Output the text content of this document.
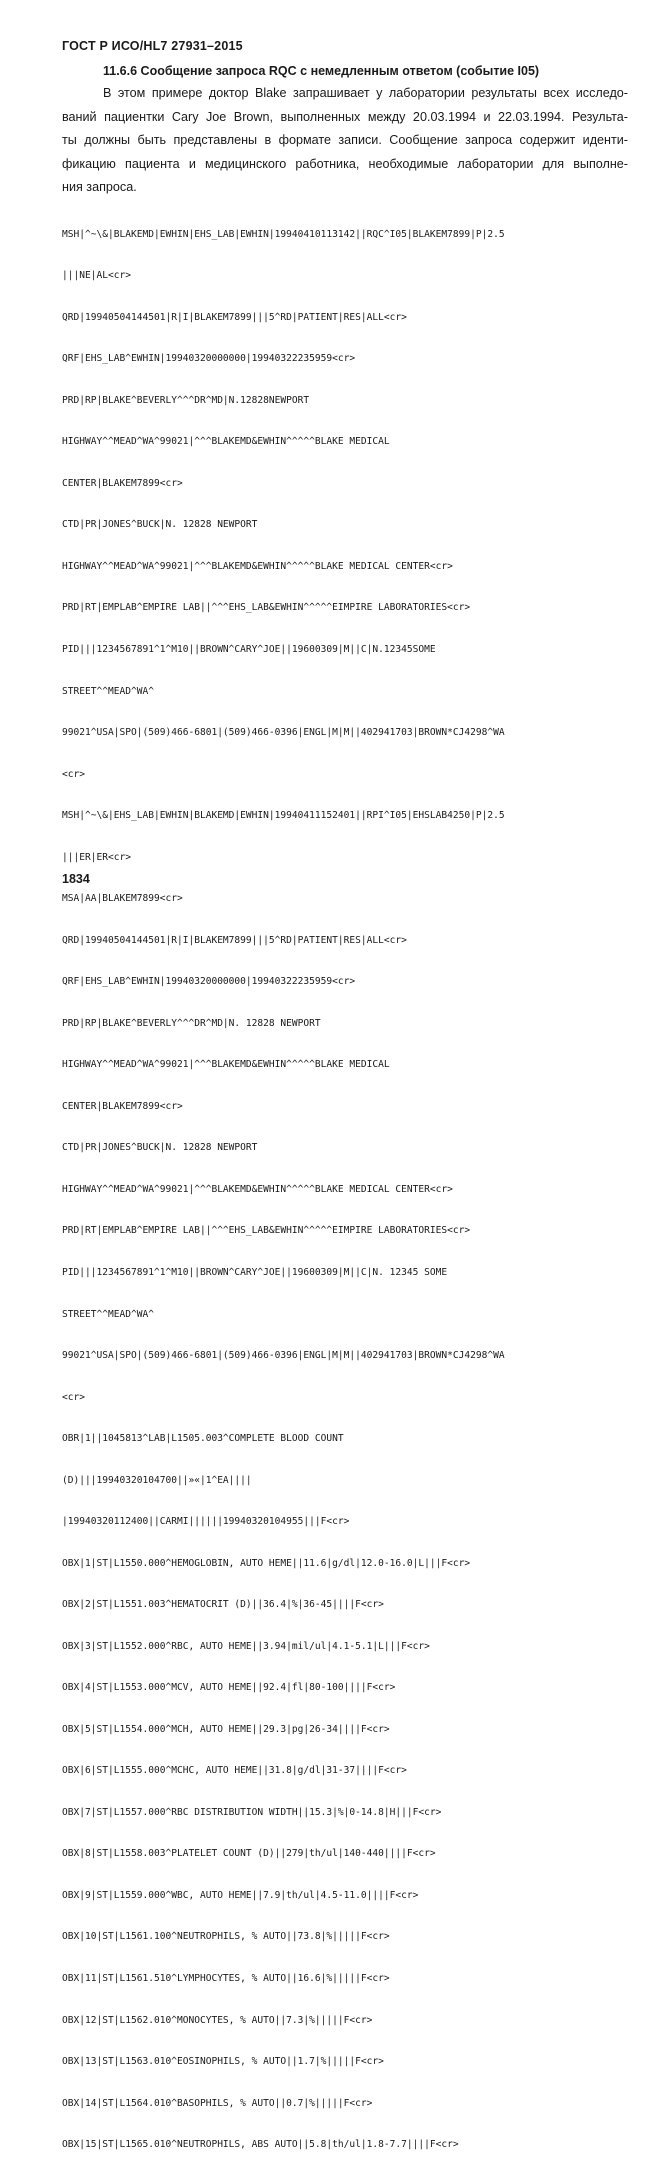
ГОСТ Р ИСО/HL7 27931–2015
11.6.6 Сообщение запроса RQC с немедленным ответом (событие I05)
В этом примере доктор Blake запрашивает у лаборатории результаты всех исследо-
ваний пациентки Cary Joe Brown, выполненных между 20.03.1994 и 22.03.1994. Результа-
ты должны быть представлены в формате записи. Сообщение запроса содержит иденти-
фикацию пациента и медицинского работника, необходимые лаборатории для выполне-
ния запроса.

MSH|^~\&|BLAKEMD|EWHIN|EHS_LAB|EWHIN|19940410113142||RQC^I05|BLAKEM7899|P|2.5

|||NE|AL<cr>

QRD|19940504144501|R|I|BLAKEM7899|||5^RD|PATIENT|RES|ALL<cr>

QRF|EHS_LAB^EWHIN|19940320000000|19940322235959<cr>

PRD|RP|BLAKE^BEVERLY^^^DR^MD|N.12828NEWPORT

HIGHWAY^^MEAD^WA^99021|^^^BLAKEMD&EWHIN^^^^^BLAKE MEDICAL

CENTER|BLAKEM7899<cr>

CTD|PR|JONES^BUCK|N. 12828 NEWPORT

HIGHWAY^^MEAD^WA^99021|^^^BLAKEMD&EWHIN^^^^^BLAKE MEDICAL CENTER<cr>

PRD|RT|EMPLAB^EMPIRE LAB||^^^EHS_LAB&EWHIN^^^^^EIMPIRE LABORATORIES<cr>

PID|||1234567891^1^M10||BROWN^CARY^JOE||19600309|M||C|N.12345SOME

STREET^^MEAD^WA^

99021^USA|SPO|(509)466-6801|(509)466-0396|ENGL|M|M||402941703|BROWN*CJ4298^WA

<cr>

MSH|^~\&|EHS_LAB|EWHIN|BLAKEMD|EWHIN|19940411152401||RPI^I05|EHSLAB4250|P|2.5

|||ER|ER<cr>

MSA|AA|BLAKEM7899<cr>

QRD|19940504144501|R|I|BLAKEM7899|||5^RD|PATIENT|RES|ALL<cr>

QRF|EHS_LAB^EWHIN|19940320000000|19940322235959<cr>

PRD|RP|BLAKE^BEVERLY^^^DR^MD|N. 12828 NEWPORT

HIGHWAY^^MEAD^WA^99021|^^^BLAKEMD&EWHIN^^^^^BLAKE MEDICAL

CENTER|BLAKEM7899<cr>

CTD|PR|JONES^BUCK|N. 12828 NEWPORT

HIGHWAY^^MEAD^WA^99021|^^^BLAKEMD&EWHIN^^^^^BLAKE MEDICAL CENTER<cr>

PRD|RT|EMPLAB^EMPIRE LAB||^^^EHS_LAB&EWHIN^^^^^EIMPIRE LABORATORIES<cr>

PID|||1234567891^1^M10||BROWN^CARY^JOE||19600309|M||C|N. 12345 SOME

STREET^^MEAD^WA^

99021^USA|SPO|(509)466-6801|(509)466-0396|ENGL|M|M||402941703|BROWN*CJ4298^WA

<cr>

OBR|1||1045813^LAB|L1505.003^COMPLETE BLOOD COUNT

(D)|||19940320104700||»«|1^EA||||

|19940320112400||CARMI||||||19940320104955|||F<cr>

OBX|1|ST|L1550.000^HEMOGLOBIN, AUTO HEME||11.6|g/dl|12.0-16.0|L|||F<cr>

OBX|2|ST|L1551.003^HEMATOCRIT (D)||36.4|%|36-45||||F<cr>

OBX|3|ST|L1552.000^RBC, AUTO HEME||3.94|mil/ul|4.1-5.1|L|||F<cr>

OBX|4|ST|L1553.000^MCV, AUTO HEME||92.4|fl|80-100||||F<cr>

OBX|5|ST|L1554.000^MCH, AUTO HEME||29.3|pg|26-34||||F<cr>

OBX|6|ST|L1555.000^MCHC, AUTO HEME||31.8|g/dl|31-37||||F<cr>

OBX|7|ST|L1557.000^RBC DISTRIBUTION WIDTH||15.3|%|0-14.8|H|||F<cr>

OBX|8|ST|L1558.003^PLATELET COUNT (D)||279|th/ul|140-440||||F<cr>

OBX|9|ST|L1559.000^WBC, AUTO HEME||7.9|th/ul|4.5-11.0||||F<cr>

OBX|10|ST|L1561.100^NEUTROPHILS, % AUTO||73.8|%|||||F<cr>

OBX|11|ST|L1561.510^LYMPHOCYTES, % AUTO||16.6|%|||||F<cr>

OBX|12|ST|L1562.010^MONOCYTES, % AUTO||7.3|%|||||F<cr>

OBX|13|ST|L1563.010^EOSINOPHILS, % AUTO||1.7|%|||||F<cr>

OBX|14|ST|L1564.010^BASOPHILS, % AUTO||0.7|%|||||F<cr>

OBX|15|ST|L1565.010^NEUTROPHILS, ABS AUTO||5.8|th/ul|1.8-7.7||||F<cr>

1834
